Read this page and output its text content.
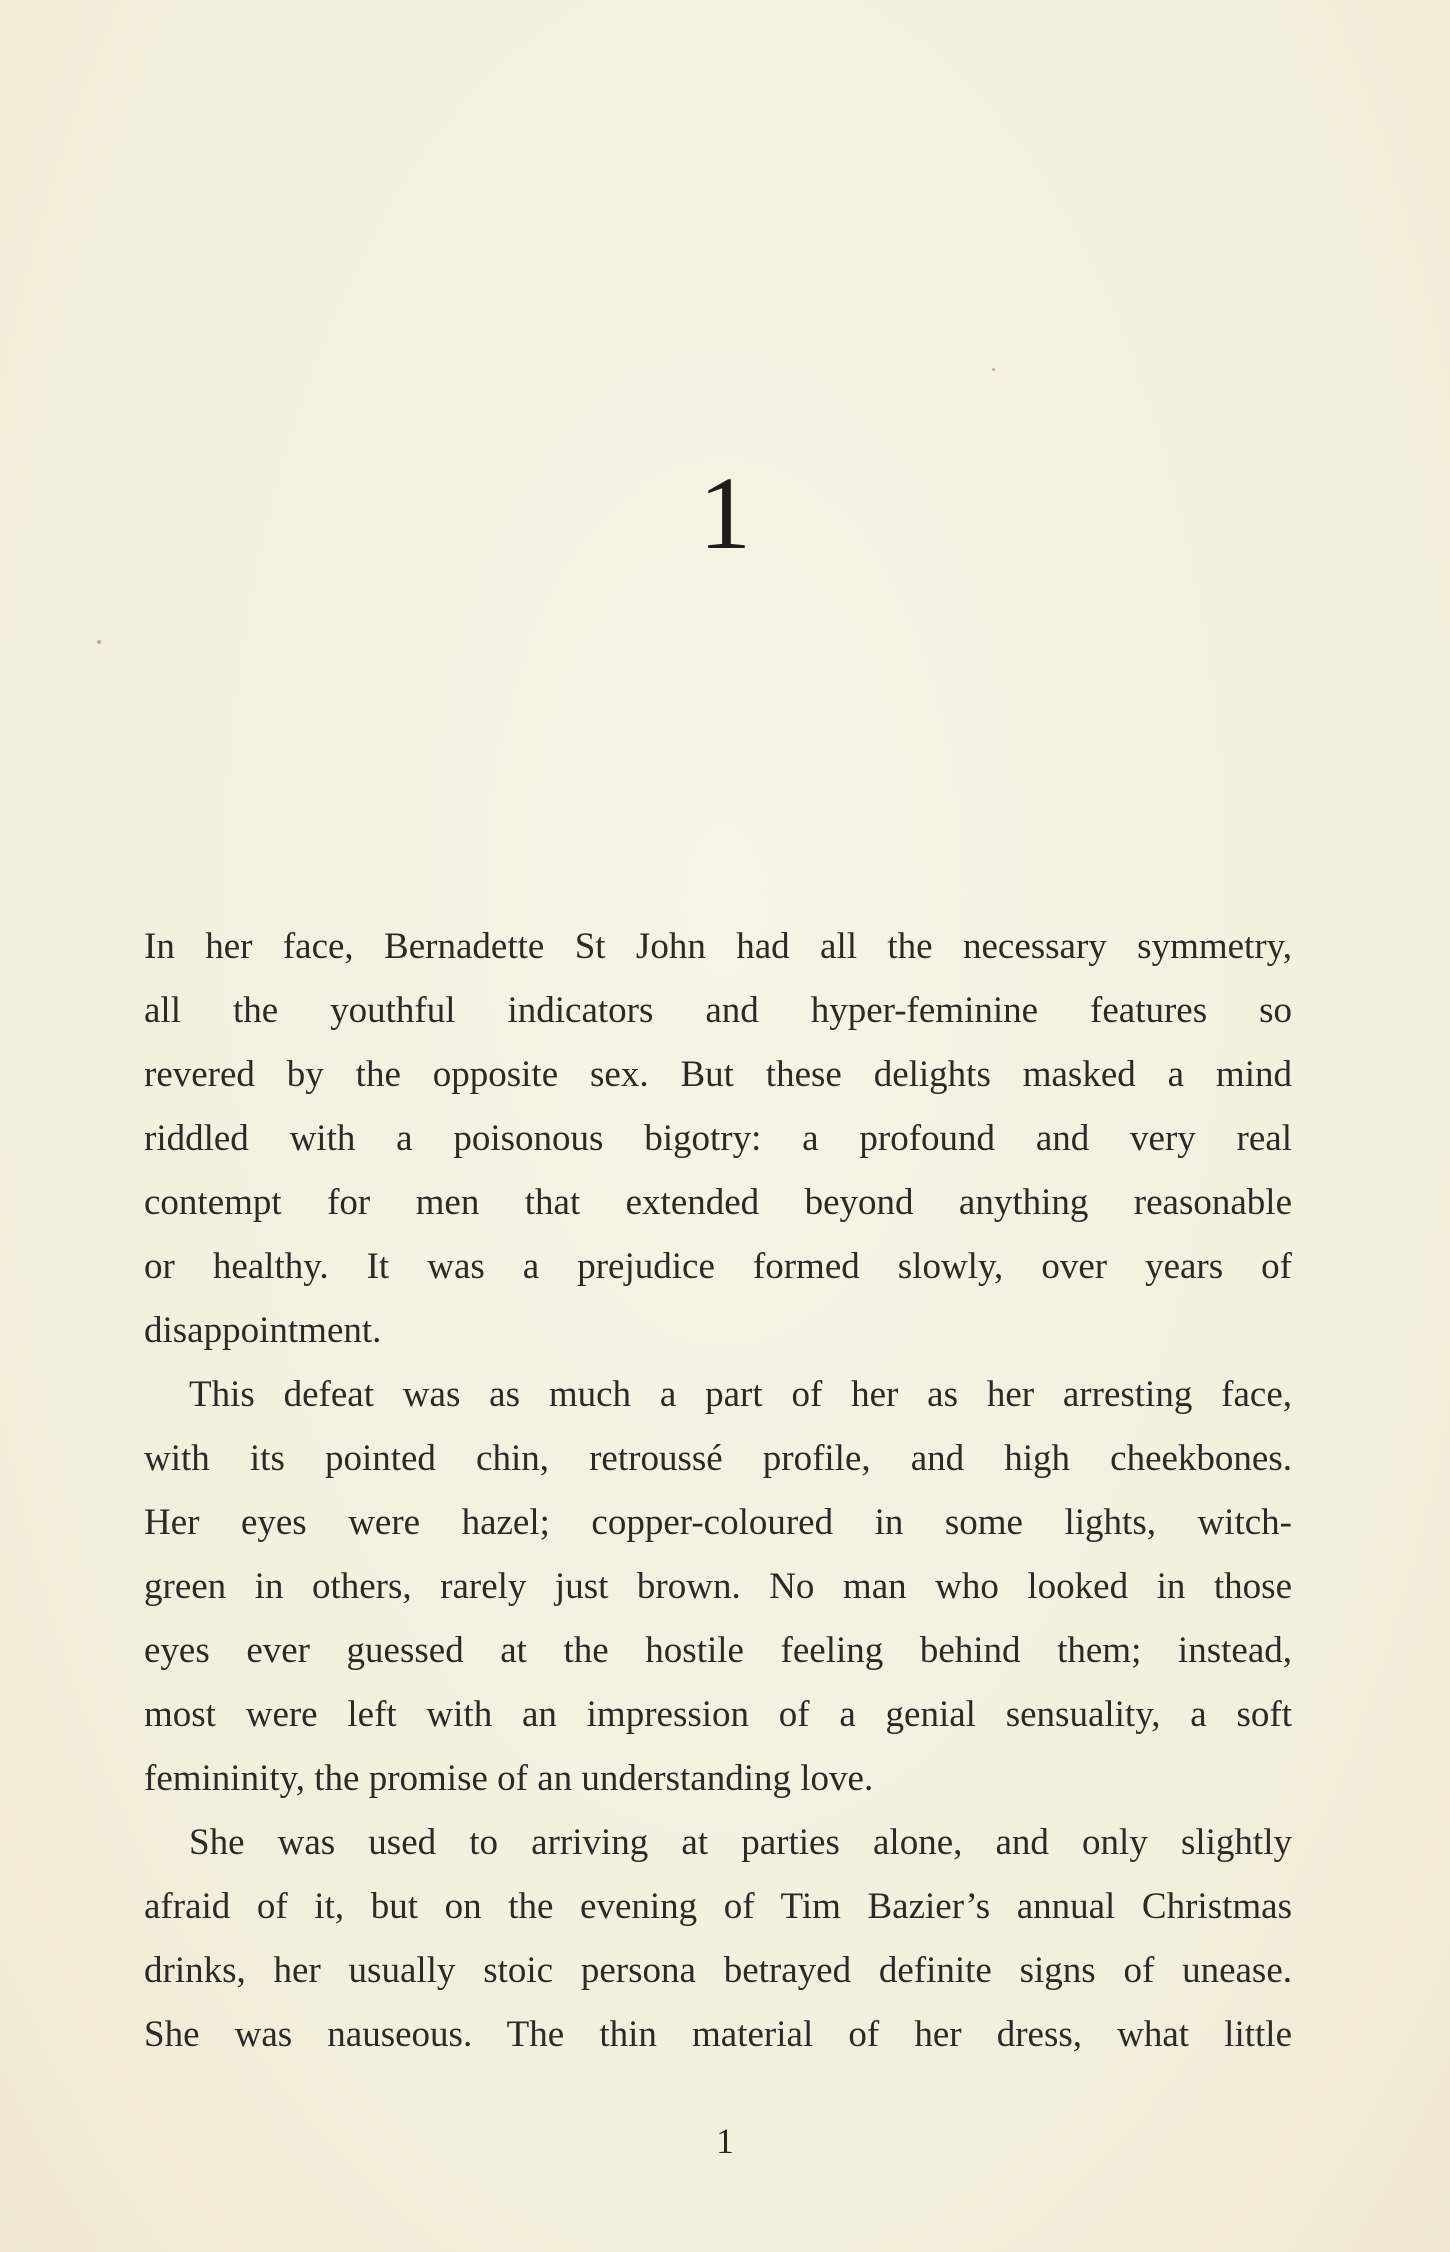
1
In her face, Bernadette St John had all the necessary symmetry,
all the youthful indicators and hyper-feminine features so
revered by the opposite sex. But these delights masked a mind
riddled with a poisonous bigotry: a profound and very real
contempt for men that extended beyond anything reasonable
or healthy. It was a prejudice formed slowly, over years of
disappointment.
This defeat was as much a part of her as her arresting face,
with its pointed chin, retroussé profile, and high cheekbones.
Her eyes were hazel; copper-coloured in some lights, witch-
green in others, rarely just brown. No man who looked in those
eyes ever guessed at the hostile feeling behind them; instead,
most were left with an impression of a genial sensuality, a soft
femininity, the promise of an understanding love.
She was used to arriving at parties alone, and only slightly
afraid of it, but on the evening of Tim Bazier’s annual Christmas
drinks, her usually stoic persona betrayed definite signs of unease.
She was nauseous. The thin material of her dress, what little
1
